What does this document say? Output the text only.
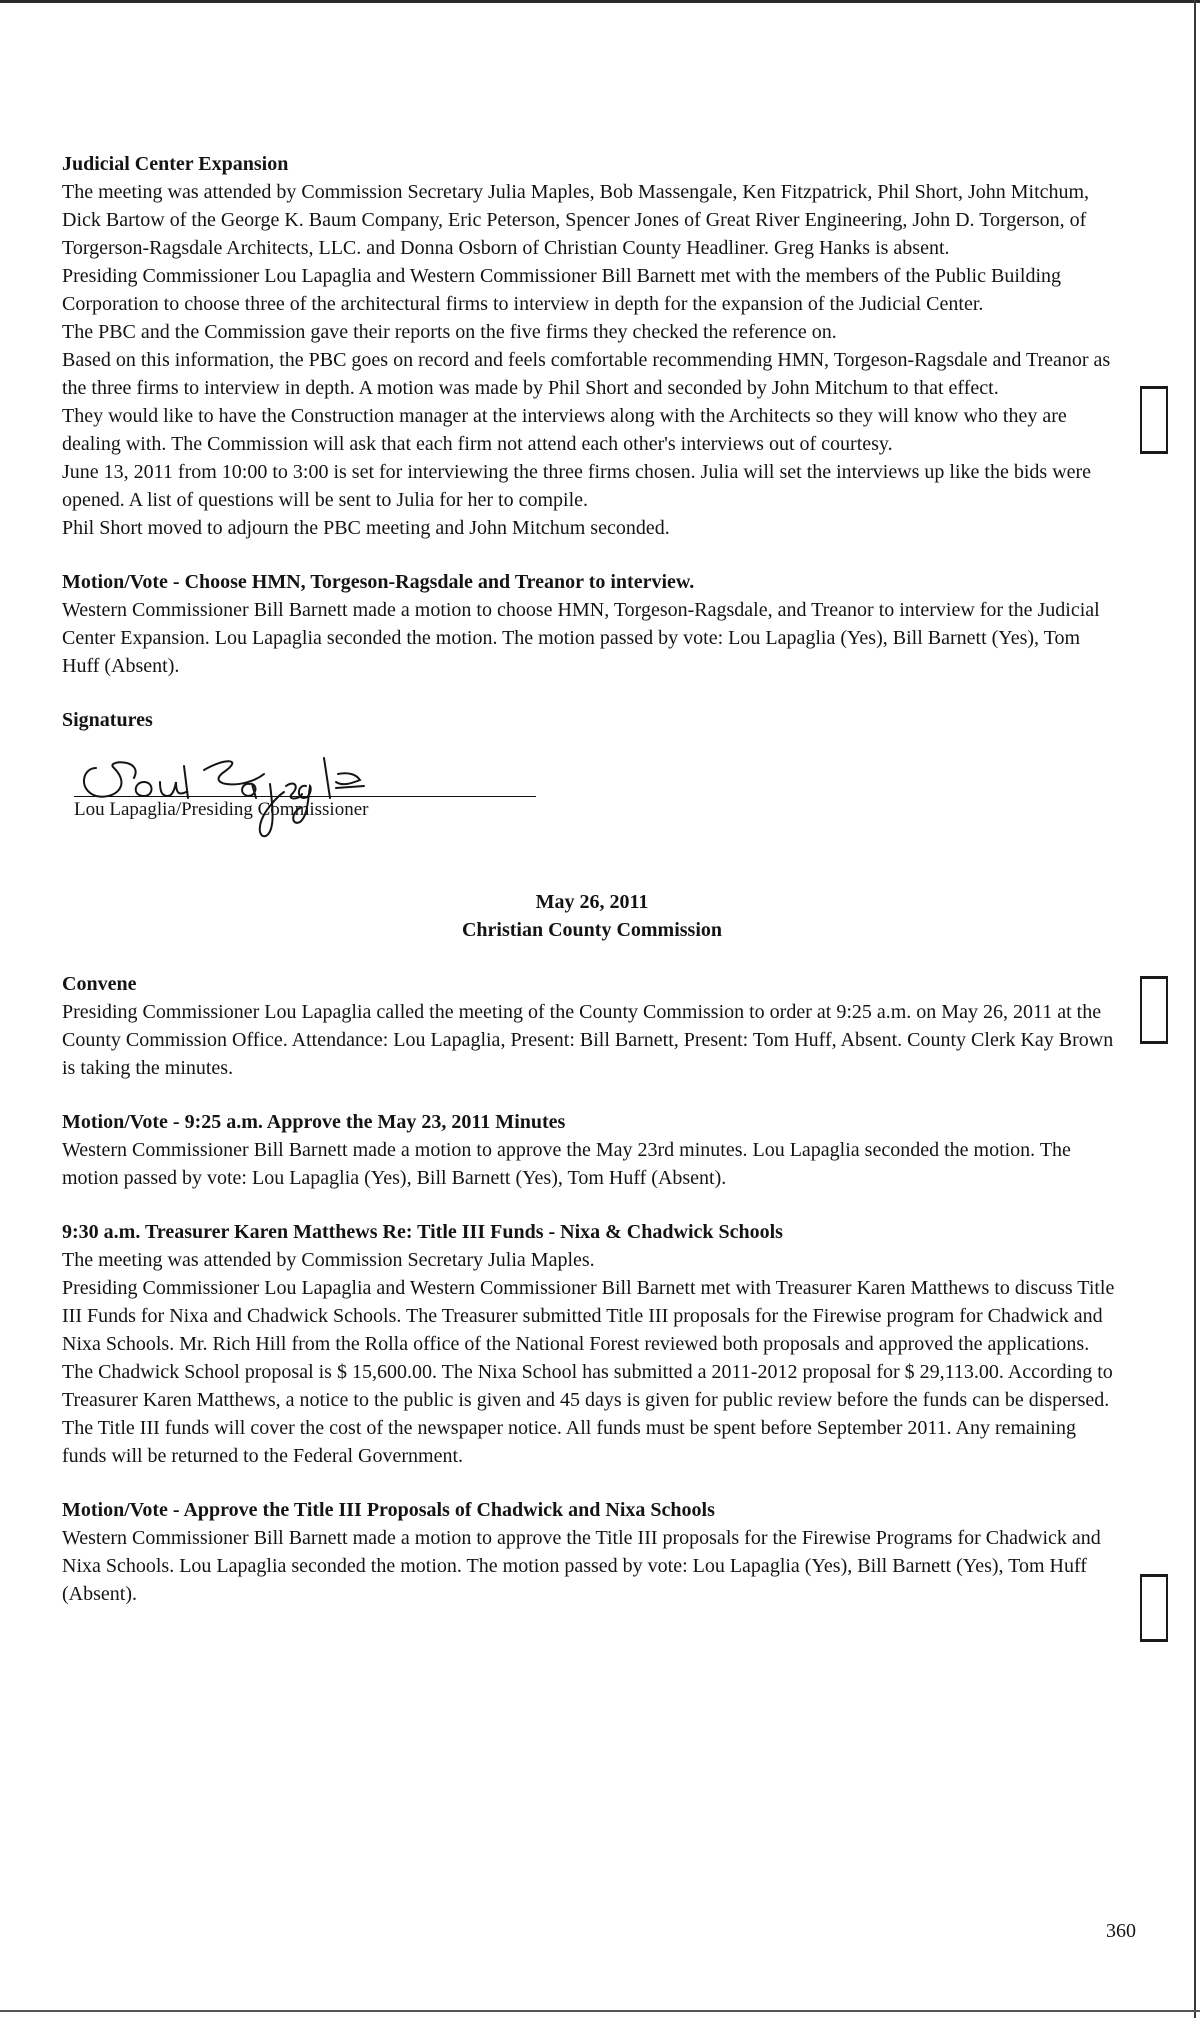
Judicial Center Expansion

The meeting was attended by Commission Secretary Julia Maples, Bob Massengale, Ken Fitzpatrick, Phil Short, John Mitchum, Dick Bartow of the George K. Baum Company, Eric Peterson, Spencer Jones of Great River Engineering, John D. Torgerson, of Torgerson-Ragsdale Architects, LLC. and Donna Osborn of Christian County Headliner. Greg Hanks is absent.

Presiding Commissioner Lou Lapaglia and Western Commissioner Bill Barnett met with the members of the Public Building Corporation to choose three of the architectural firms to interview in depth for the expansion of the Judicial Center.

The PBC and the Commission gave their reports on the five firms they checked the reference on.

Based on this information, the PBC goes on record and feels comfortable recommending HMN, Torgeson-Ragsdale and Treanor as the three firms to interview in depth. A motion was made by Phil Short and seconded by John Mitchum to that effect.

They would like to have the Construction manager at the interviews along with the Architects so they will know who they are dealing with. The Commission will ask that each firm not attend each other's interviews out of courtesy.

June 13, 2011 from 10:00 to 3:00 is set for interviewing the three firms chosen. Julia will set the interviews up like the bids were opened. A list of questions will be sent to Julia for her to compile.

Phil Short moved to adjourn the PBC meeting and John Mitchum seconded.

Motion/Vote - Choose HMN, Torgeson-Ragsdale and Treanor to interview.

Western Commissioner Bill Barnett made a motion to choose HMN, Torgeson-Ragsdale, and Treanor to interview for the Judicial Center Expansion. Lou Lapaglia seconded the motion. The motion passed by vote: Lou Lapaglia (Yes), Bill Barnett (Yes), Tom Huff (Absent).

Signatures
Lou Lapaglia/Presiding Commissioner
May 26, 2011
Christian County Commission
Convene

Presiding Commissioner Lou Lapaglia called the meeting of the County Commission to order at 9:25 a.m. on May 26, 2011 at the County Commission Office. Attendance: Lou Lapaglia, Present: Bill Barnett, Present: Tom Huff, Absent. County Clerk Kay Brown is taking the minutes.

Motion/Vote - 9:25 a.m. Approve the May 23, 2011 Minutes

Western Commissioner Bill Barnett made a motion to approve the May 23rd minutes. Lou Lapaglia seconded the motion. The motion passed by vote: Lou Lapaglia (Yes), Bill Barnett (Yes), Tom Huff (Absent).

9:30 a.m. Treasurer Karen Matthews Re: Title III Funds - Nixa & Chadwick Schools

The meeting was attended by Commission Secretary Julia Maples.

Presiding Commissioner Lou Lapaglia and Western Commissioner Bill Barnett met with Treasurer Karen Matthews to discuss Title III Funds for Nixa and Chadwick Schools. The Treasurer submitted Title III proposals for the Firewise program for Chadwick and Nixa Schools. Mr. Rich Hill from the Rolla office of the National Forest reviewed both proposals and approved the applications. The Chadwick School proposal is $ 15,600.00. The Nixa School has submitted a 2011-2012 proposal for $ 29,113.00. According to Treasurer Karen Matthews, a notice to the public is given and 45 days is given for public review before the funds can be dispersed. The Title III funds will cover the cost of the newspaper notice. All funds must be spent before September 2011. Any remaining funds will be returned to the Federal Government.

Motion/Vote - Approve the Title III Proposals of Chadwick and Nixa Schools

Western Commissioner Bill Barnett made a motion to approve the Title III proposals for the Firewise Programs for Chadwick and Nixa Schools. Lou Lapaglia seconded the motion. The motion passed by vote: Lou Lapaglia (Yes), Bill Barnett (Yes), Tom Huff (Absent).

360
